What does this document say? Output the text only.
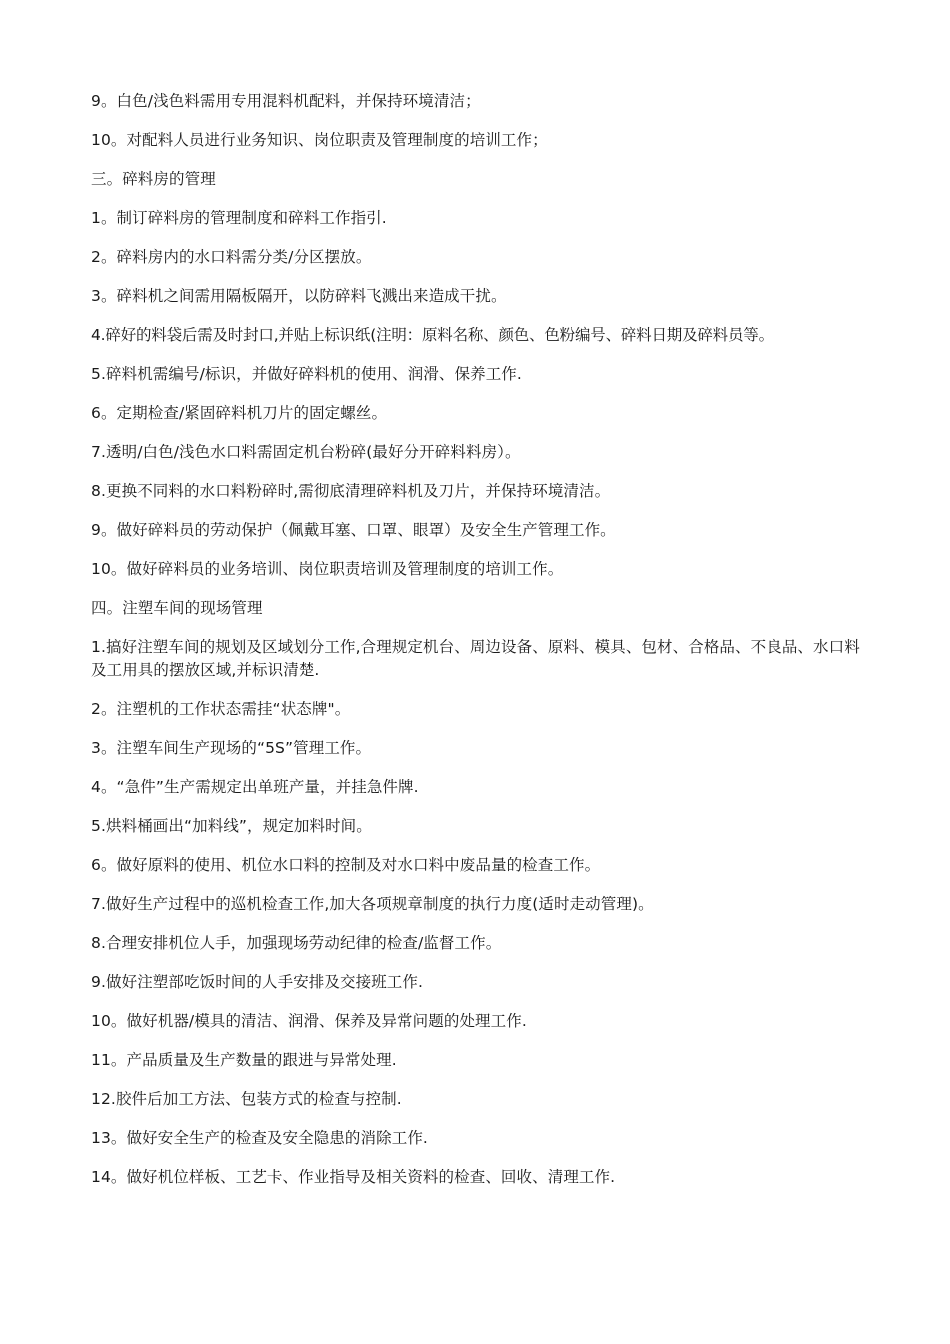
9。白色/浅色料需用专用混料机配料，并保持环境清洁；

10。对配料人员进行业务知识、岗位职责及管理制度的培训工作；

三。碎料房的管理

1。制订碎料房的管理制度和碎料工作指引.

2。碎料房内的水口料需分类/分区摆放。

3。碎料机之间需用隔板隔开，以防碎料飞溅出来造成干扰。

4.碎好的料袋后需及时封口,并贴上标识纸(注明：原料名称、颜色、色粉编号、碎料日期及碎料员等。

5.碎料机需编号/标识，并做好碎料机的使用、润滑、保养工作.

6。定期检查/紧固碎料机刀片的固定螺丝。

7.透明/白色/浅色水口料需固定机台粉碎(最好分开碎料料房）。

8.更换不同料的水口料粉碎时,需彻底清理碎料机及刀片，并保持环境清洁。

9。做好碎料员的劳动保护（佩戴耳塞、口罩、眼罩）及安全生产管理工作。

10。做好碎料员的业务培训、岗位职责培训及管理制度的培训工作。

四。注塑车间的现场管理

1.搞好注塑车间的规划及区域划分工作,合理规定机台、周边设备、原料、模具、包材、合格品、不良品、水口料及工用具的摆放区域,并标识清楚.

2。注塑机的工作状态需挂“状态牌"。

3。注塑车间生产现场的“5S”管理工作。

4。“急件”生产需规定出单班产量，并挂急件牌.

5.烘料桶画出“加料线”，规定加料时间。

6。做好原料的使用、机位水口料的控制及对水口料中废品量的检查工作。

7.做好生产过程中的巡机检查工作,加大各项规章制度的执行力度(适时走动管理)。

8.合理安排机位人手，加强现场劳动纪律的检查/监督工作。

9.做好注塑部吃饭时间的人手安排及交接班工作.

10。做好机器/模具的清洁、润滑、保养及异常问题的处理工作.

11。产品质量及生产数量的跟进与异常处理.

12.胶件后加工方法、包装方式的检查与控制.

13。做好安全生产的检查及安全隐患的消除工作.

14。做好机位样板、工艺卡、作业指导及相关资料的检查、回收、清理工作.
